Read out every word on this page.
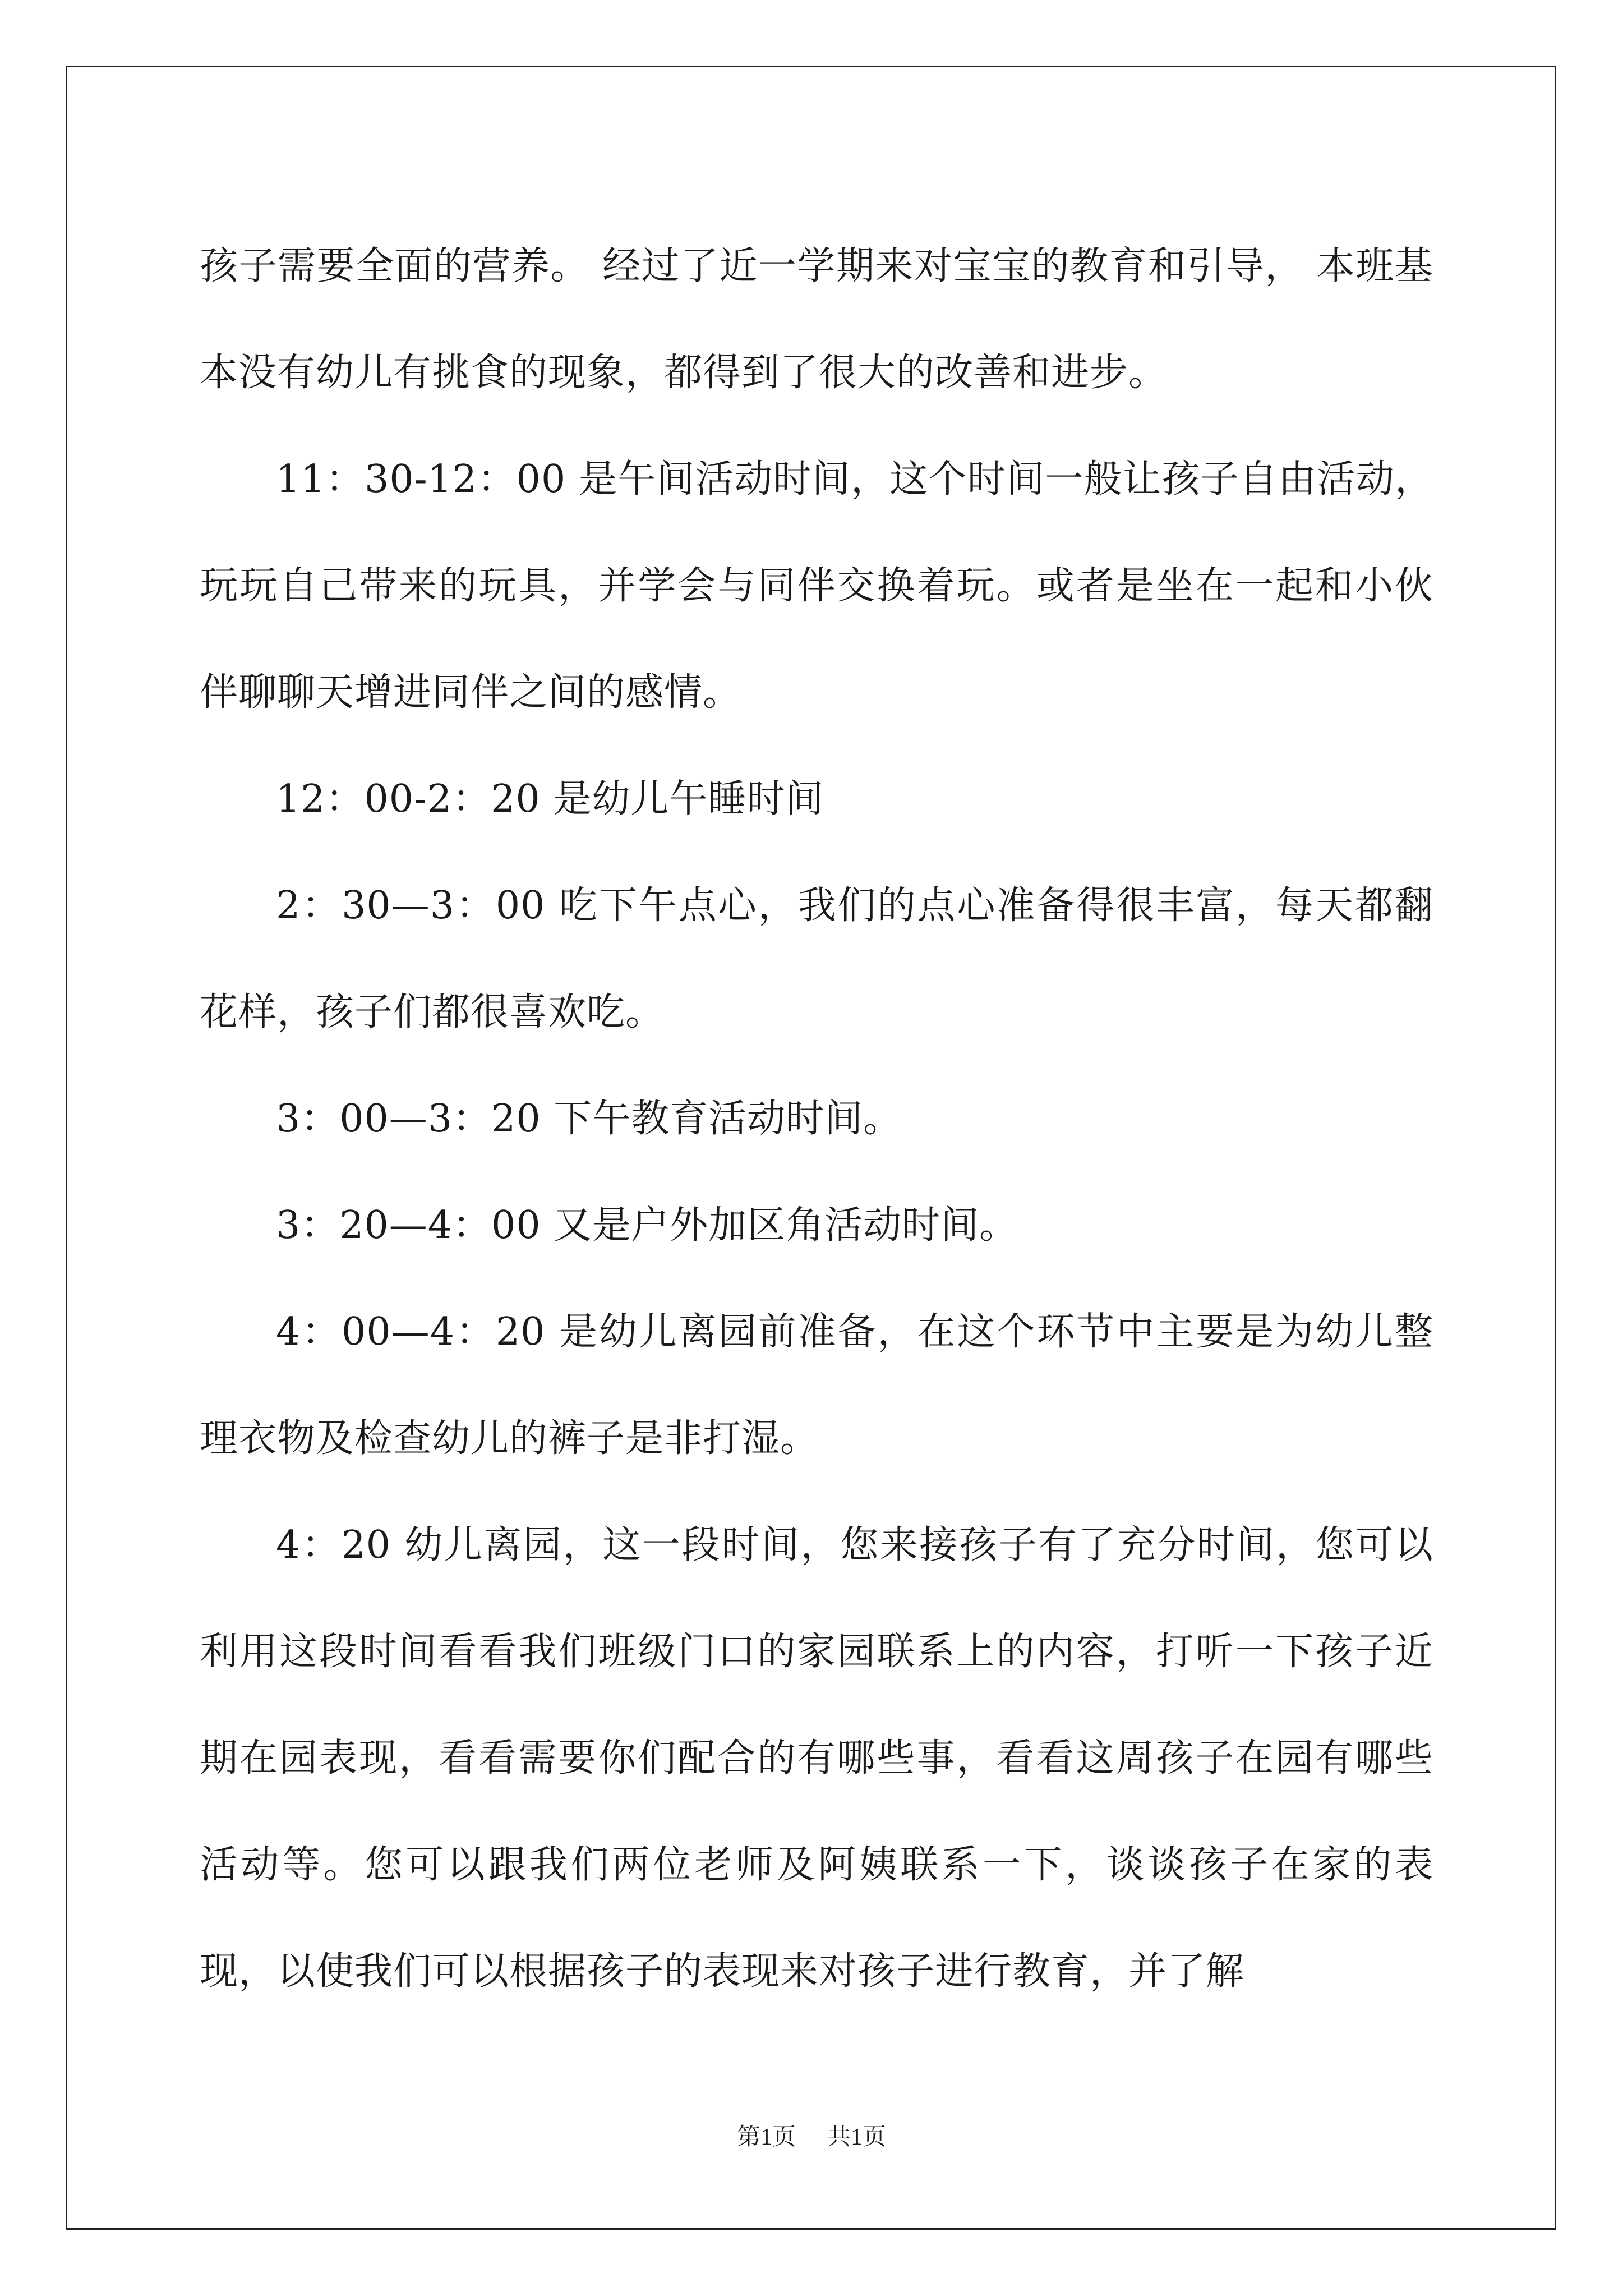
孩子需要全面的营养。 经过了近一学期来对宝宝的教育和引导， 本班基本没有幼儿有挑食的现象，都得到了很大的改善和进步。

11：30-12：00 是午间活动时间，这个时间一般让孩子自由活动，玩玩自己带来的玩具，并学会与同伴交换着玩。或者是坐在一起和小伙伴聊聊天增进同伴之间的感情。

12：00-2：20 是幼儿午睡时间

2：30—3：00 吃下午点心，我们的点心准备得很丰富，每天都翻花样，孩子们都很喜欢吃。

3：00—3：20 下午教育活动时间。

3：20—4：00 又是户外加区角活动时间。

4：00—4：20 是幼儿离园前准备，在这个环节中主要是为幼儿整理衣物及检查幼儿的裤子是非打湿。

4：20 幼儿离园，这一段时间，您来接孩子有了充分时间，您可以利用这段时间看看我们班级门口的家园联系上的内容，打听一下孩子近期在园表现，看看需要你们配合的有哪些事，看看这周孩子在园有哪些活动等。您可以跟我们两位老师及阿姨联系一下，谈谈孩子在家的表现，以使我们可以根据孩子的表现来对孩子进行教育，并了解

第1页 共1页
